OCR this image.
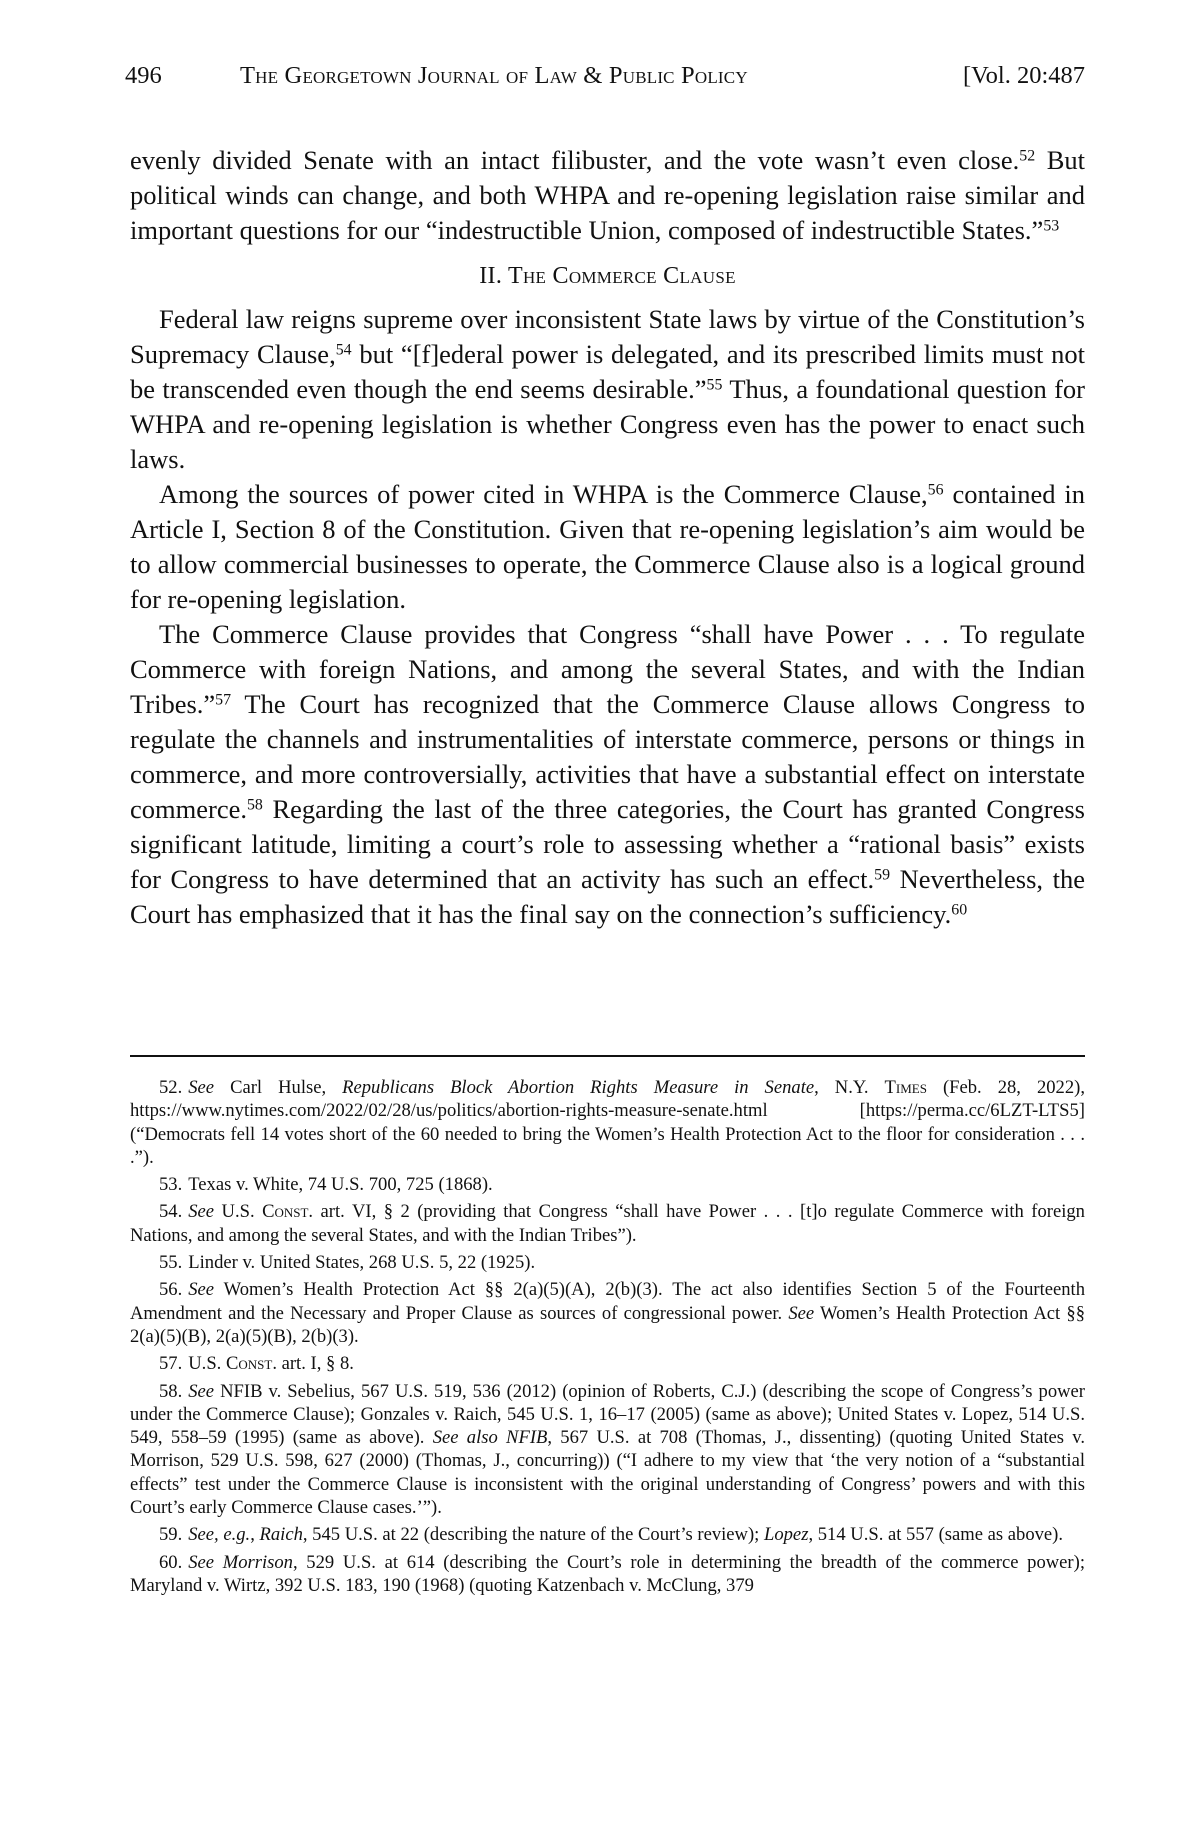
496	The Georgetown Journal of Law & Public Policy	[Vol. 20:487

evenly divided Senate with an intact filibuster, and the vote wasn’t even close.$^{52}$ But political winds can change, and both WHPA and re-opening legislation raise similar and important questions for our “indestructible Union, composed of indestructible States.”$^{53}$

II. The Commerce Clause

Federal law reigns supreme over inconsistent State laws by virtue of the Constitution’s Supremacy Clause,$^{54}$ but “[f]ederal power is delegated, and its prescribed limits must not be transcended even though the end seems desirable.”$^{55}$ Thus, a foundational question for WHPA and re-opening legislation is whether Congress even has the power to enact such laws.

Among the sources of power cited in WHPA is the Commerce Clause,$^{56}$ contained in Article I, Section 8 of the Constitution. Given that re-opening legislation’s aim would be to allow commercial businesses to operate, the Commerce Clause also is a logical ground for re-opening legislation.

The Commerce Clause provides that Congress “shall have Power . . . To regulate Commerce with foreign Nations, and among the several States, and with the Indian Tribes.”$^{57}$ The Court has recognized that the Commerce Clause allows Congress to regulate the channels and instrumentalities of interstate commerce, persons or things in commerce, and more controversially, activities that have a substantial effect on interstate commerce.$^{58}$ Regarding the last of the three categories, the Court has granted Congress significant latitude, limiting a court’s role to assessing whether a “rational basis” exists for Congress to have determined that an activity has such an effect.$^{59}$ Nevertheless, the Court has emphasized that it has the final say on the connection’s sufficiency.$^{60}$

52. See Carl Hulse, Republicans Block Abortion Rights Measure in Senate, N.Y. Times (Feb. 28, 2022), https://www.nytimes.com/2022/02/28/us/politics/abortion-rights-measure-senate.html [https://perma.cc/6LZT-LTS5] (“Democrats fell 14 votes short of the 60 needed to bring the Women’s Health Protection Act to the floor for consideration . . . .”).

53. Texas v. White, 74 U.S. 700, 725 (1868).

54. See U.S. Const. art. VI, § 2 (providing that Congress “shall have Power . . . [t]o regulate Commerce with foreign Nations, and among the several States, and with the Indian Tribes”).

55. Linder v. United States, 268 U.S. 5, 22 (1925).

56. See Women’s Health Protection Act §§ 2(a)(5)(A), 2(b)(3). The act also identifies Section 5 of the Fourteenth Amendment and the Necessary and Proper Clause as sources of congressional power. See Women’s Health Protection Act §§ 2(a)(5)(B), 2(a)(5)(B), 2(b)(3).

57. U.S. Const. art. I, § 8.

58. See NFIB v. Sebelius, 567 U.S. 519, 536 (2012) (opinion of Roberts, C.J.) (describing the scope of Congress’s power under the Commerce Clause); Gonzales v. Raich, 545 U.S. 1, 16–17 (2005) (same as above); United States v. Lopez, 514 U.S. 549, 558–59 (1995) (same as above). See also NFIB, 567 U.S. at 708 (Thomas, J., dissenting) (quoting United States v. Morrison, 529 U.S. 598, 627 (2000) (Thomas, J., concurring)) (“I adhere to my view that ‘the very notion of a “substantial effects” test under the Commerce Clause is inconsistent with the original understanding of Congress’ powers and with this Court’s early Commerce Clause cases.’”).

59. See, e.g., Raich, 545 U.S. at 22 (describing the nature of the Court’s review); Lopez, 514 U.S. at 557 (same as above).

60. See Morrison, 529 U.S. at 614 (describing the Court’s role in determining the breadth of the commerce power); Maryland v. Wirtz, 392 U.S. 183, 190 (1968) (quoting Katzenbach v. McClung, 379
